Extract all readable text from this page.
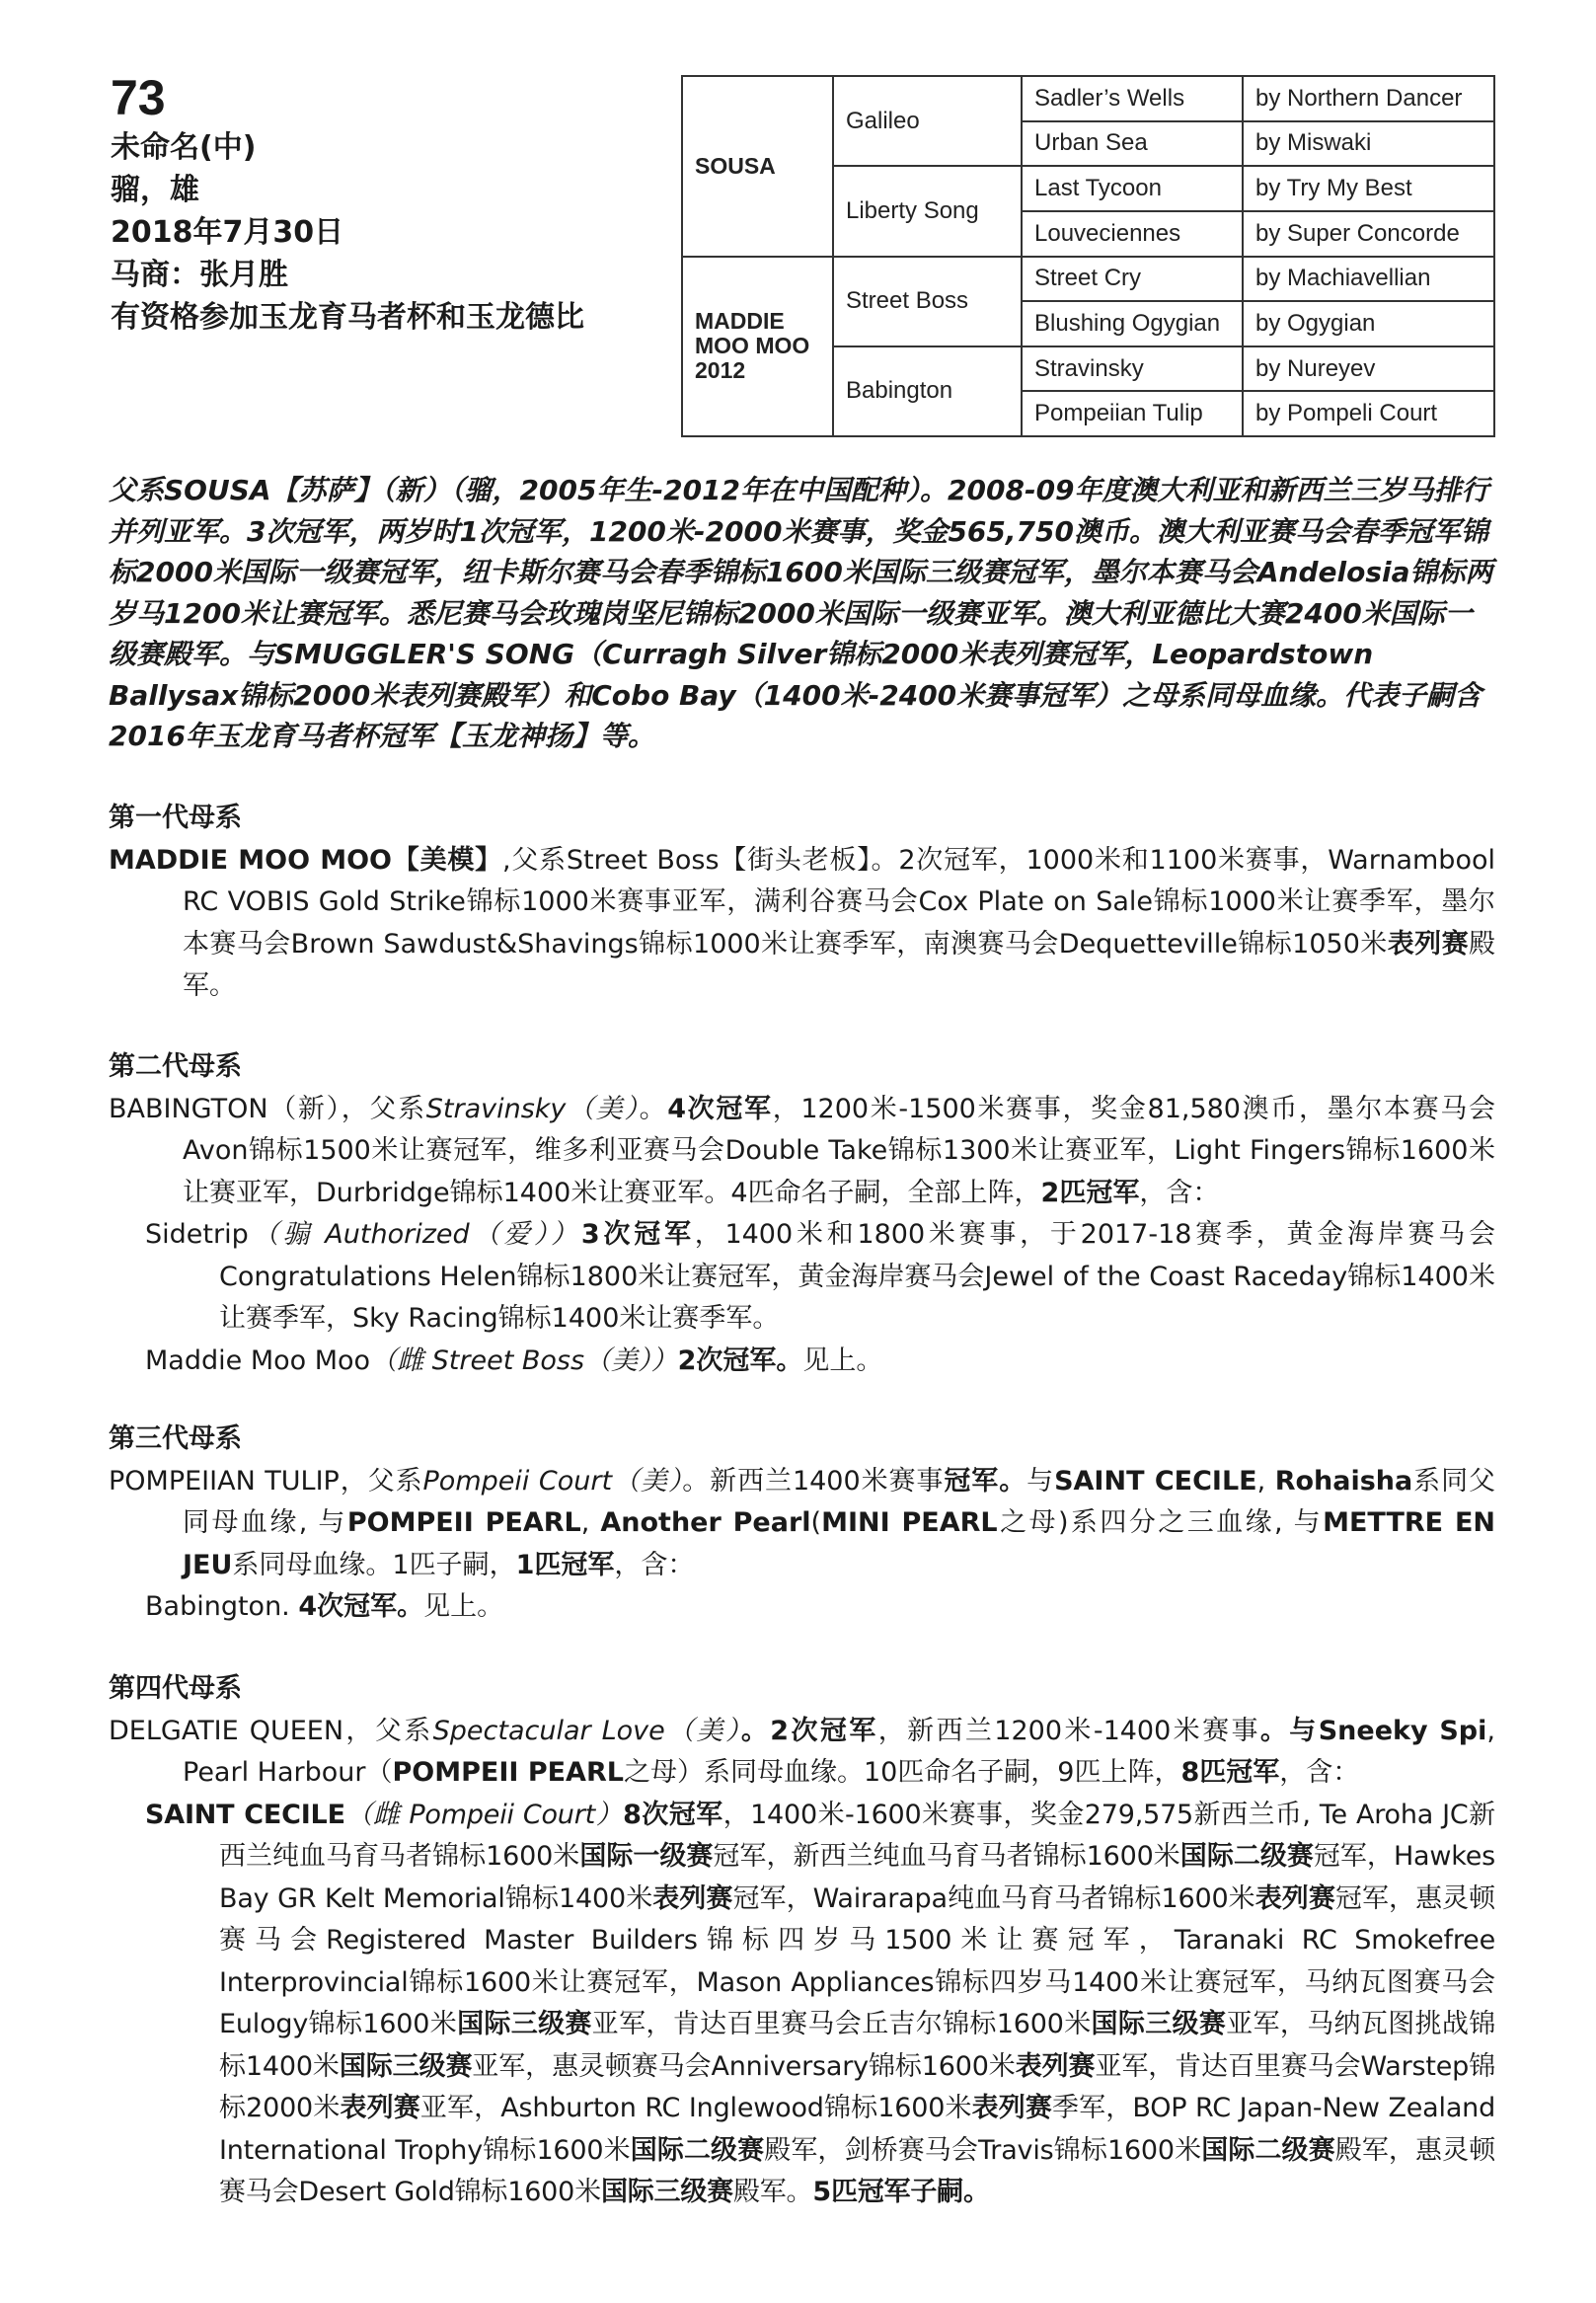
73
未命名(中)
骝，雄
2018年7月30日
马商：张月胜
有资格参加玉龙育马者杯和玉龙德比
SOUSA	Galileo	Sadler’s Wells	by Northern Dancer
		Urban Sea	by Miswaki
	Liberty Song	Last Tycoon	by Try My Best
		Louveciennes	by Super Concorde
MADDIE MOO MOO 2012	Street Boss	Street Cry	by Machiavellian
		Blushing Ogygian	by Ogygian
	Babington	Stravinsky	by Nureyev
		Pompeiian Tulip	by Pompeli Court
父系SOUSA【苏萨】（新）（骝，2005年生-2012年在中国配种）。2008-09年度澳大利亚和新西兰三岁马排行并列亚军。3次冠军，两岁时1次冠军，1200米-2000米赛事，奖金565,750澳币。澳大利亚赛马会春季冠军锦标2000米国际一级赛冠军，纽卡斯尔赛马会春季锦标1600米国际三级赛冠军，墨尔本赛马会Andelosia锦标两岁马1200米让赛冠军。悉尼赛马会玫瑰岗坚尼锦标2000米国际一级赛亚军。澳大利亚德比大赛2400米国际一级赛殿军。与SMUGGLER'S SONG（Curragh Silver锦标2000米表列赛冠军，Leopardstown Ballysax锦标2000米表列赛殿军）和Cobo Bay（1400米-2400米赛事冠军）之母系同母血缘。代表子嗣含2016年玉龙育马者杯冠军【玉龙神扬】等。
第一代母系
MADDIE MOO MOO【美模】,父系Street Boss【街头老板】。2次冠军，1000米和1100米赛事，Warnambool RC VOBIS Gold Strike锦标1000米赛事亚军，满利谷赛马会Cox Plate on Sale锦标1000米让赛季军，墨尔本赛马会Brown Sawdust&Shavings锦标1000米让赛季军，南澳赛马会Dequetteville锦标1050米表列赛殿军。
第二代母系
BABINGTON（新），父系Stravinsky（美）。4次冠军，1200米-1500米赛事，奖金81,580澳币，墨尔本赛马会Avon锦标1500米让赛冠军，维多利亚赛马会Double Take锦标1300米让赛亚军，Light Fingers锦标1600米让赛亚军，Durbridge锦标1400米让赛亚军。4匹命名子嗣，全部上阵，2匹冠军，含：
Sidetrip（骟 Authorized（爱））3次冠军，1400米和1800米赛事，于2017-18赛季，黄金海岸赛马会Congratulations Helen锦标1800米让赛冠军，黄金海岸赛马会Jewel of the Coast Raceday锦标1400米让赛季军，Sky Racing锦标1400米让赛季军。
Maddie Moo Moo（雌 Street Boss（美））2次冠军。见上。
第三代母系
POMPEIIAN TULIP，父系Pompeii Court（美）。新西兰1400米赛事冠军。与SAINT CECILE, Rohaisha系同父同母血缘, 与POMPEII PEARL, Another Pearl(MINI PEARL之母)系四分之三血缘, 与METTRE EN JEU系同母血缘。1匹子嗣，1匹冠军，含：
Babington. 4次冠军。见上。
第四代母系
DELGATIE QUEEN，父系Spectacular Love（美）。2次冠军，新西兰1200米-1400米赛事。与Sneeky Spi, Pearl Harbour（POMPEII PEARL之母）系同母血缘。10匹命名子嗣，9匹上阵，8匹冠军，含：
SAINT CECILE（雌 Pompeii Court）8次冠军，1400米-1600米赛事，奖金279,575新西兰币, Te Aroha JC新西兰纯血马育马者锦标1600米国际一级赛冠军，新西兰纯血马育马者锦标1600米国际二级赛冠军，Hawkes Bay GR Kelt Memorial锦标1400米表列赛冠军，Wairarapa纯血马育马者锦标1600米表列赛冠军，惠灵顿赛马会Registered Master Builders锦标四岁马1500米让赛冠军，Taranaki RC Smokefree Interprovincial锦标1600米让赛冠军，Mason Appliances锦标四岁马1400米让赛冠军，马纳瓦图赛马会Eulogy锦标1600米国际三级赛亚军，肯达百里赛马会丘吉尔锦标1600米国际三级赛亚军，马纳瓦图挑战锦标1400米国际三级赛亚军，惠灵顿赛马会Anniversary锦标1600米表列赛亚军，肯达百里赛马会Warstep锦标2000米表列赛亚军，Ashburton RC Inglewood锦标1600米表列赛季军，BOP RC Japan-New Zealand International Trophy锦标1600米国际二级赛殿军，剑桥赛马会Travis锦标1600米国际二级赛殿军，惠灵顿赛马会Desert Gold锦标1600米国际三级赛殿军。5匹冠军子嗣。
